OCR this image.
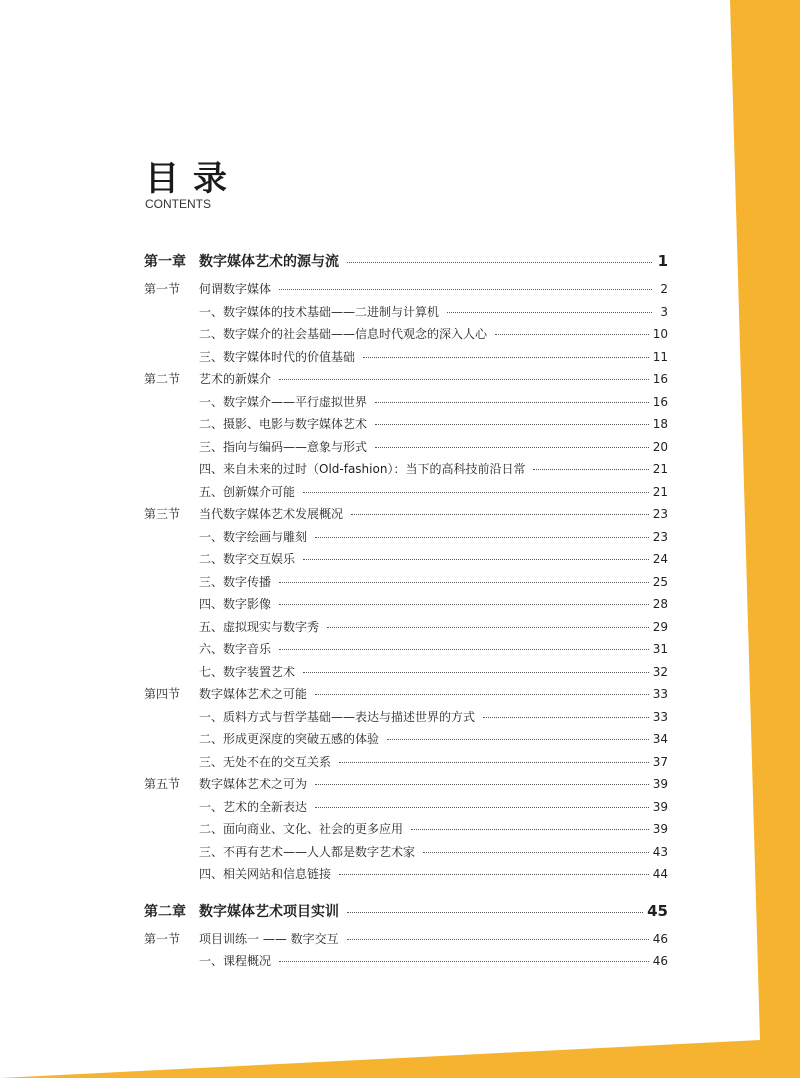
目录
CONTENTS
第一章 数字媒体艺术的源与流	1
第一节	何谓数字媒体	2
一、数字媒体的技术基础——二进制与计算机	3
二、数字媒介的社会基础——信息时代观念的深入人心	10
三、数字媒体时代的价值基础	11
第二节	艺术的新媒介	16
一、数字媒介——平行虚拟世界	16
二、摄影、电影与数字媒体艺术	18
三、指向与编码——意象与形式	20
四、来自未来的过时（Old-fashion）：当下的高科技前沿日常	21
五、创新媒介可能	21
第三节	当代数字媒体艺术发展概况	23
一、数字绘画与雕刻	23
二、数字交互娱乐	24
三、数字传播	25
四、数字影像	28
五、虚拟现实与数字秀	29
六、数字音乐	31
七、数字装置艺术	32
第四节	数字媒体艺术之可能	33
一、质料方式与哲学基础——表达与描述世界的方式	33
二、形成更深度的突破五感的体验	34
三、无处不在的交互关系	37
第五节	数字媒体艺术之可为	39
一、艺术的全新表达	39
二、面向商业、文化、社会的更多应用	39
三、不再有艺术——人人都是数字艺术家	43
四、相关网站和信息链接	44
第二章 数字媒体艺术项目实训	45
第一节	项目训练一 —— 数字交互	46
一、课程概况	46
